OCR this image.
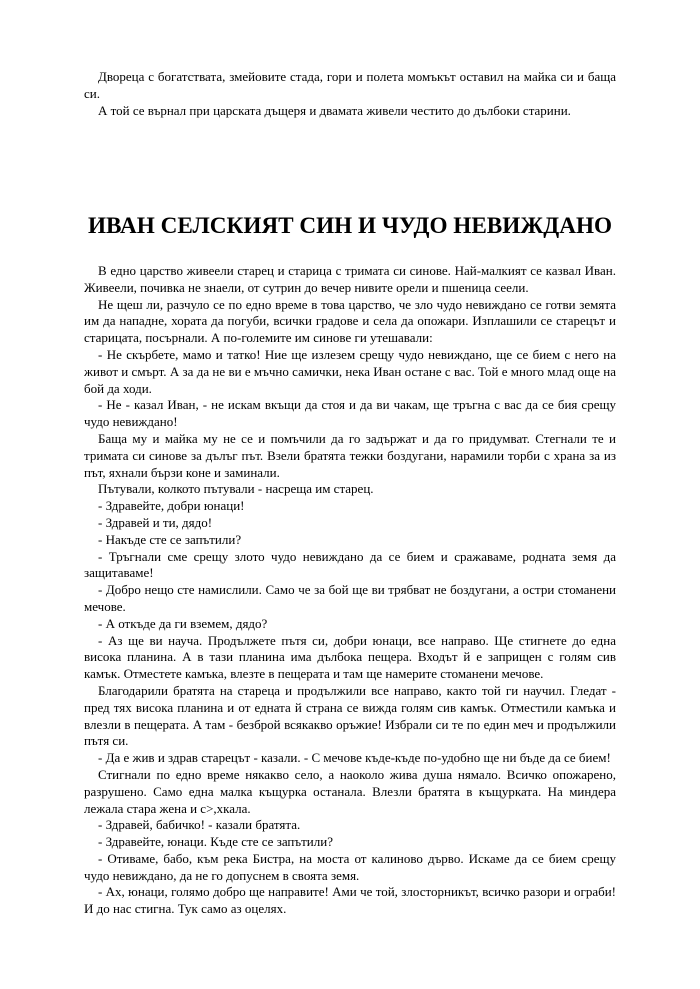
Двореца с богатствата, змейовите стада, гори и полета момъкът оставил на майка си и баща си.

А той се върнал при царската дъщеря и двамата живели честито до дълбоки старини.

ИВАН СЕЛСКИЯТ СИН И ЧУДО НЕВИЖДАНО

В едно царство живеели старец и старица с тримата си синове. Най-малкият се казвал Иван. Живеели, почивка не знаели, от сутрин до вечер нивите орели и пшеница сеели.

Не щеш ли, разчуло се по едно време в това царство, че зло чудо невиждано се готви земята им да нападне, хората да погуби, всички градове и села да опожари. Изплашили се старецът и старицата, посърнали. А по-големите им синове ги утешавали:

- Не скърбете, мамо и татко! Ние ще излезем срещу чудо невиждано, ще се бием с него на живот и смърт. А за да не ви е мъчно самички, нека Иван остане с вас. Той е много млад още на бой да ходи.

- Не - казал Иван, - не искам вкъщи да стоя и да ви чакам, ще тръгна с вас да се бия срещу чудо невиждано!

Баща му и майка му не се и помъчили да го задържат и да го придумват. Стегнали те и тримата си синове за дълъг път. Взели братята тежки боздугани, нарамили торби с храна за из път, яхнали бързи коне и заминали.

Пътували, колкото пътували - насреща им старец.

- Здравейте, добри юнаци!

- Здравей и ти, дядо!

- Накъде сте се запътили?

- Тръгнали сме срещу злото чудо невиждано да се бием и сражаваме, родната земя да защитаваме!

- Добро нещо сте намислили. Само че за бой ще ви трябват не боздугани, а остри стоманени мечове.

- А откъде да ги вземем, дядо?

- Аз ще ви науча. Продължете пътя си, добри юнаци, все направо. Ще стигнете до една висока планина. А в тази планина има дълбока пещера. Входът й е заприщен с голям сив камък. Отместете камъка, влезте в пещерата и там ще намерите стоманени мечове.

Благодарили братята на стареца и продължили все направо, както той ги научил. Гледат - пред тях висока планина и от едната й страна се вижда голям сив камък. Отместили камъка и влезли в пещерата. А там - безброй всякакво оръжие! Избрали си те по един меч и продължили пътя си.

- Да е жив и здрав старецът - казали. - С мечове къде-къде по-удобно ще ни бъде да се бием!

Стигнали по едно време някакво село, а наоколо жива душа нямало. Всичко опожарено, разрушено. Само една малка къщурка останала. Влезли братята в къщурката. На миндера лежала стара жена и с>,хкала.

- Здравей, бабичко! - казали братята.

- Здравейте, юнаци. Къде сте се запътили?

- Отиваме, бабо, към река Бистра, на моста от калиново дърво. Искаме да се бием срещу чудо невиждано, да не го допуснем в своята земя.

- Ах, юнаци, голямо добро ще направите! Ами че той, злосторникът, всичко разори и ограби! И до нас стигна. Тук само аз оцелях.
